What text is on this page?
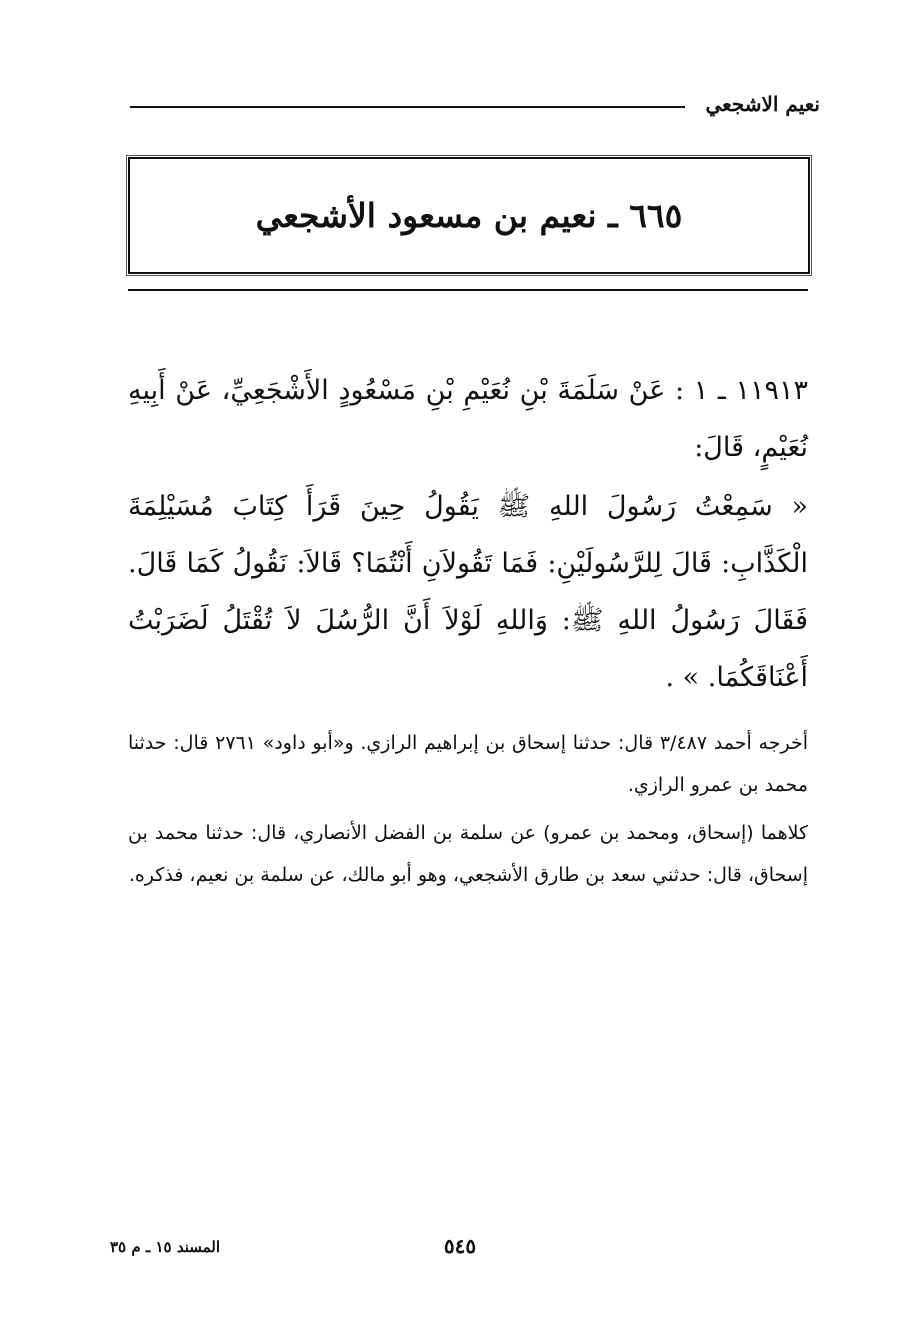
نعيم الاشجعي
٦٦٥ ـ نعيم بن مسعود الأشجعي

١١٩١٣ ـ ١ : عَنْ سَلَمَةَ بْنِ نُعَيْمِ بْنِ مَسْعُودٍ الأَشْجَعِيِّ، عَنْ أَبِيهِ نُعَيْمٍ، قَالَ:

« سَمِعْتُ رَسُولَ اللهِ ﷺ يَقُولُ حِينَ قَرَأَ كِتَابَ مُسَيْلِمَةَ الْكَذَّابِ: قَالَ لِلرَّسُولَيْنِ: فَمَا تَقُولاَنِ أَنْتُمَا؟ قَالاَ: نَقُولُ كَمَا قَالَ. فَقَالَ رَسُولُ اللهِ ﷺ: وَاللهِ لَوْلاَ أَنَّ الرُّسُلَ لاَ تُقْتَلُ لَضَرَبْتُ أَعْنَاقَكُمَا. » .

أخرجه أحمد ٣/٤٨٧ قال: حدثنا إسحاق بن إبراهيم الرازي. و«أبو داود» ٢٧٦١ قال: حدثنا محمد بن عمرو الرازي.

كلاهما (إسحاق، ومحمد بن عمرو) عن سلمة بن الفضل الأنصاري، قال: حدثنا محمد بن إسحاق، قال: حدثني سعد بن طارق الأشجعي، وهو أبو مالك، عن سلمة بن نعيم، فذكره.

٥٤٥
المسند ١٥ ـ م ٣٥
